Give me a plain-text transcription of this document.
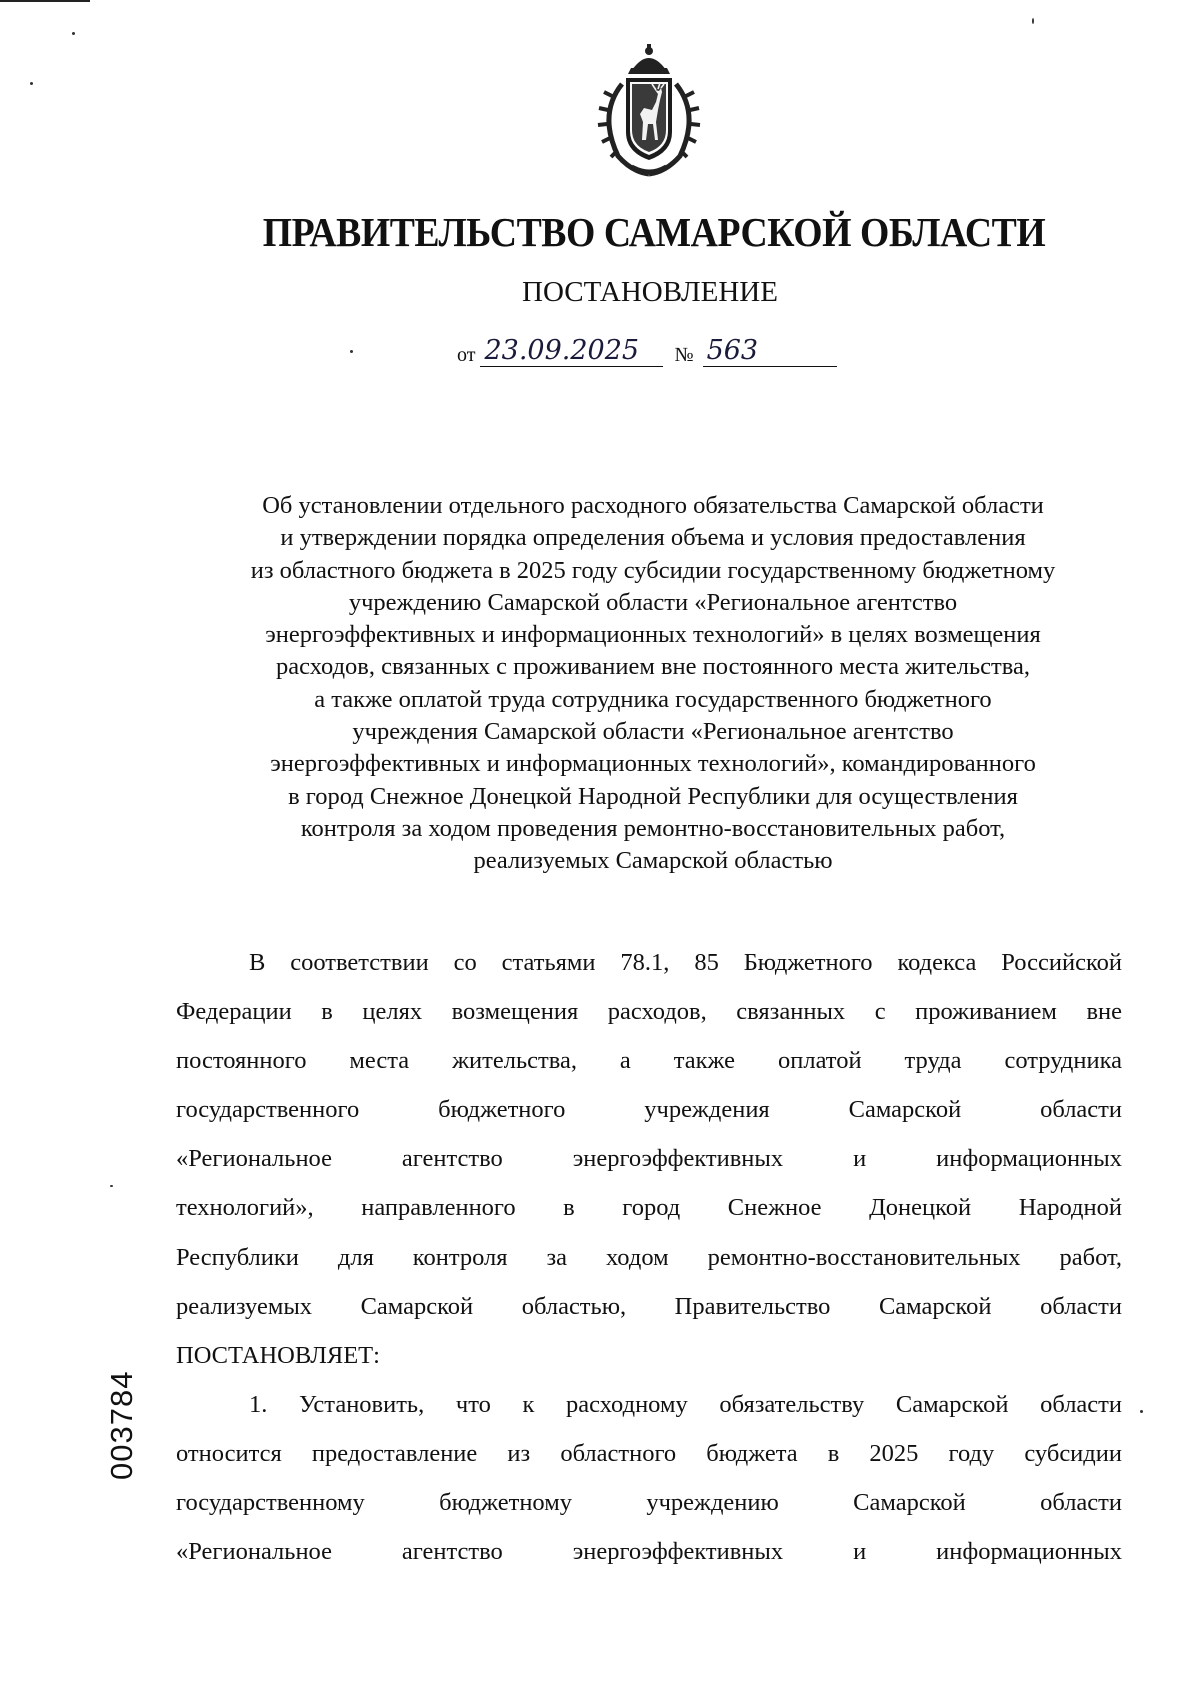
ПРАВИТЕЛЬСТВО САМАРСКОЙ ОБЛАСТИ
ПОСТАНОВЛЕНИЕ
от 23.09.2025 № 563
Об установлении отдельного расходного обязательства Самарской области
и утверждении порядка определения объема и условия предоставления
из областного бюджета в 2025 году субсидии государственному бюджетному
учреждению Самарской области «Региональное агентство
энергоэффективных и информационных технологий» в целях возмещения
расходов, связанных с проживанием вне постоянного места жительства,
а также оплатой труда сотрудника государственного бюджетного
учреждения Самарской области «Региональное агентство
энергоэффективных и информационных технологий», командированного
в город Снежное Донецкой Народной Республики для осуществления
контроля за ходом проведения ремонтно-восстановительных работ,
реализуемых Самарской областью
В соответствии со статьями 78.1, 85 Бюджетного кодекса Российской
Федерации в целях возмещения расходов, связанных с проживанием вне
постоянного места жительства, а также оплатой труда сотрудника
государственного бюджетного учреждения Самарской области
«Региональное агентство энергоэффективных и информационных
технологий», направленного в город Снежное Донецкой Народной
Республики для контроля за ходом ремонтно-восстановительных работ,
реализуемых Самарской областью, Правительство Самарской области
ПОСТАНОВЛЯЕТ:
1. Установить, что к расходному обязательству Самарской области
относится предоставление из областного бюджета в 2025 году субсидии
государственному бюджетному учреждению Самарской области
«Региональное агентство энергоэффективных и информационных
003784
